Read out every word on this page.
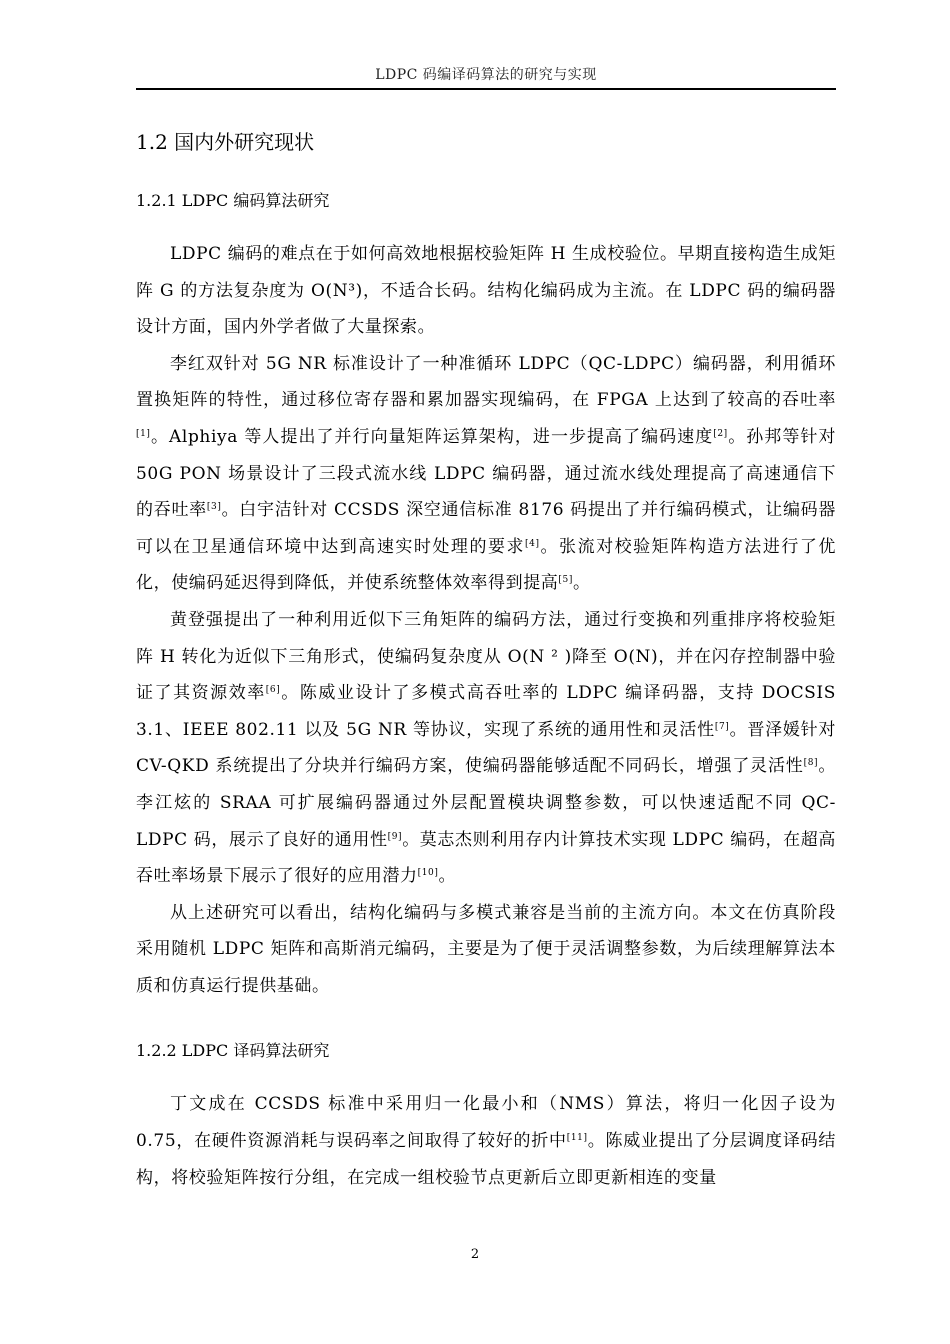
LDPC 码编译码算法的研究与实现
1.2 国内外研究现状
1.2.1 LDPC 编码算法研究

LDPC 编码的难点在于如何高效地根据校验矩阵 H 生成校验位。早期直接构造生成矩阵 G 的方法复杂度为 O(N³)，不适合长码。结构化编码成为主流。在 LDPC 码的编码器设计方面，国内外学者做了大量探索。

李红双针对 5G NR 标准设计了一种准循环 LDPC（QC-LDPC）编码器，利用循环置换矩阵的特性，通过移位寄存器和累加器实现编码，在 FPGA 上达到了较高的吞吐率[1]。Alphiya 等人提出了并行向量矩阵运算架构，进一步提高了编码速度[2]。孙邦等针对 50G PON 场景设计了三段式流水线 LDPC 编码器，通过流水线处理提高了高速通信下的吞吐率[3]。白宇洁针对 CCSDS 深空通信标准 8176 码提出了并行编码模式，让编码器可以在卫星通信环境中达到高速实时处理的要求[4]。张流对校验矩阵构造方法进行了优化，使编码延迟得到降低，并使系统整体效率得到提高[5]。

黄登强提出了一种利用近似下三角矩阵的编码方法，通过行变换和列重排序将校验矩阵 H 转化为近似下三角形式，使编码复杂度从 O(N ² )降至 O(N)，并在闪存控制器中验证了其资源效率[6]。陈威业设计了多模式高吞吐率的 LDPC 编译码器，支持 DOCSIS 3.1、IEEE 802.11 以及 5G NR 等协议，实现了系统的通用性和灵活性[7]。晋泽媛针对 CV-QKD 系统提出了分块并行编码方案，使编码器能够适配不同码长，增强了灵活性[8]。李江炫的 SRAA 可扩展编码器通过外层配置模块调整参数，可以快速适配不同 QC-LDPC 码，展示了良好的通用性[9]。莫志杰则利用存内计算技术实现 LDPC 编码，在超高吞吐率场景下展示了很好的应用潜力[10]。

从上述研究可以看出，结构化编码与多模式兼容是当前的主流方向。本文在仿真阶段采用随机 LDPC 矩阵和高斯消元编码，主要是为了便于灵活调整参数，为后续理解算法本质和仿真运行提供基础。

1.2.2 LDPC 译码算法研究

丁文成在 CCSDS 标准中采用归一化最小和（NMS）算法，将归一化因子设为 0.75，在硬件资源消耗与误码率之间取得了较好的折中[11]。陈威业提出了分层调度译码结构，将校验矩阵按行分组，在完成一组校验节点更新后立即更新相连的变量

2
